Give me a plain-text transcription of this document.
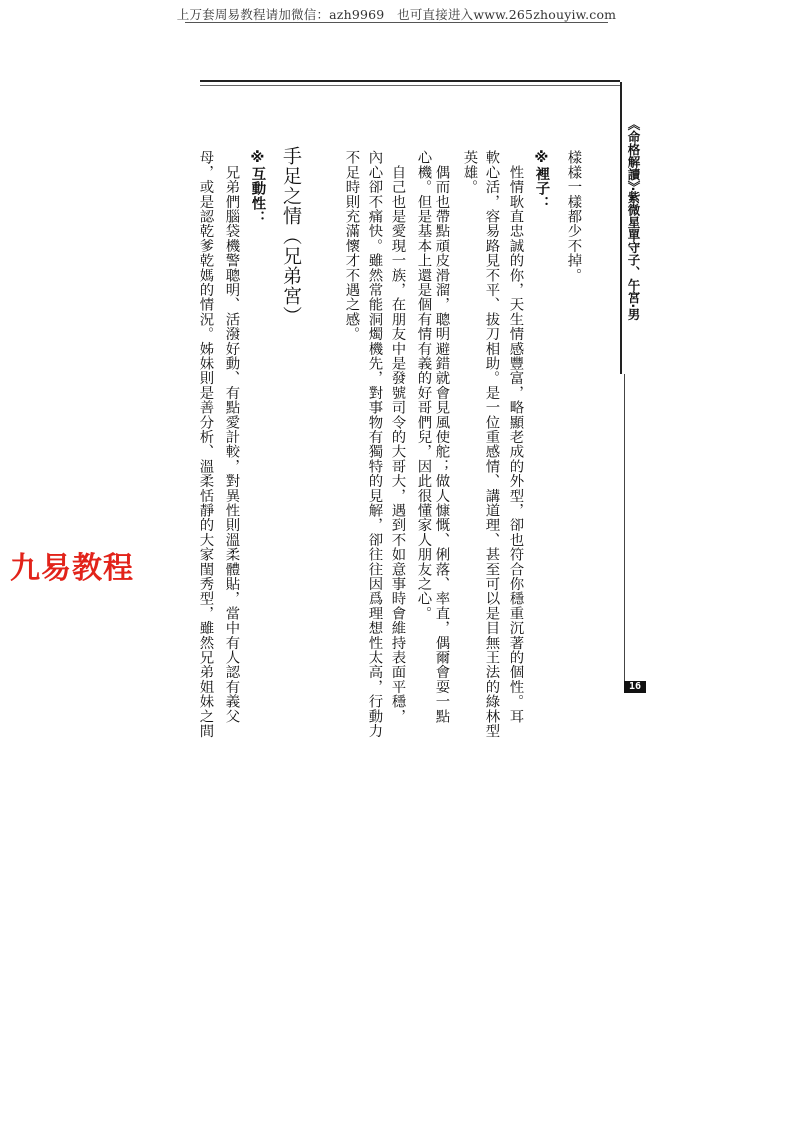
上万套周易教程请加微信：azh9969　也可直接进入www.265zhouyiw.com
《命格解讀》‧紫微星單守子、午宮‧男
16
樣樣一樣都少不掉。
※裡子：
　性情耿直忠誠的你，天生情感豐富，略顯老成的外型，卻也符合你穩重沉著的個性。耳
軟心活，容易路見不平、拔刀相助。是一位重感情、講道理、甚至可以是目無王法的綠林型
英雄。
　偶而也帶點頑皮滑溜，聰明避錯就會見風使舵；做人慷慨、俐落、率直，偶爾會耍一點
心機。但是基本上還是個有情有義的好哥們兒，因此很懂家人朋友之心。
　自己也是愛現一族，在朋友中是發號司令的大哥大，遇到不如意事時會維持表面平穩，
內心卻不痛快。雖然常能洞燭機先，對事物有獨特的見解，卻往往因爲理想性太高，行動力
不足時則充滿懷才不遇之感。
手足之情（兄弟宮）
※互動性：
　兄弟們腦袋機警聰明、活潑好動、有點愛計較，對異性則溫柔體貼，當中有人認有義父
母，或是認乾爹乾媽的情況。姊妹則是善分析、溫柔恬靜的大家閨秀型，雖然兄弟姐妹之間
九易教程
